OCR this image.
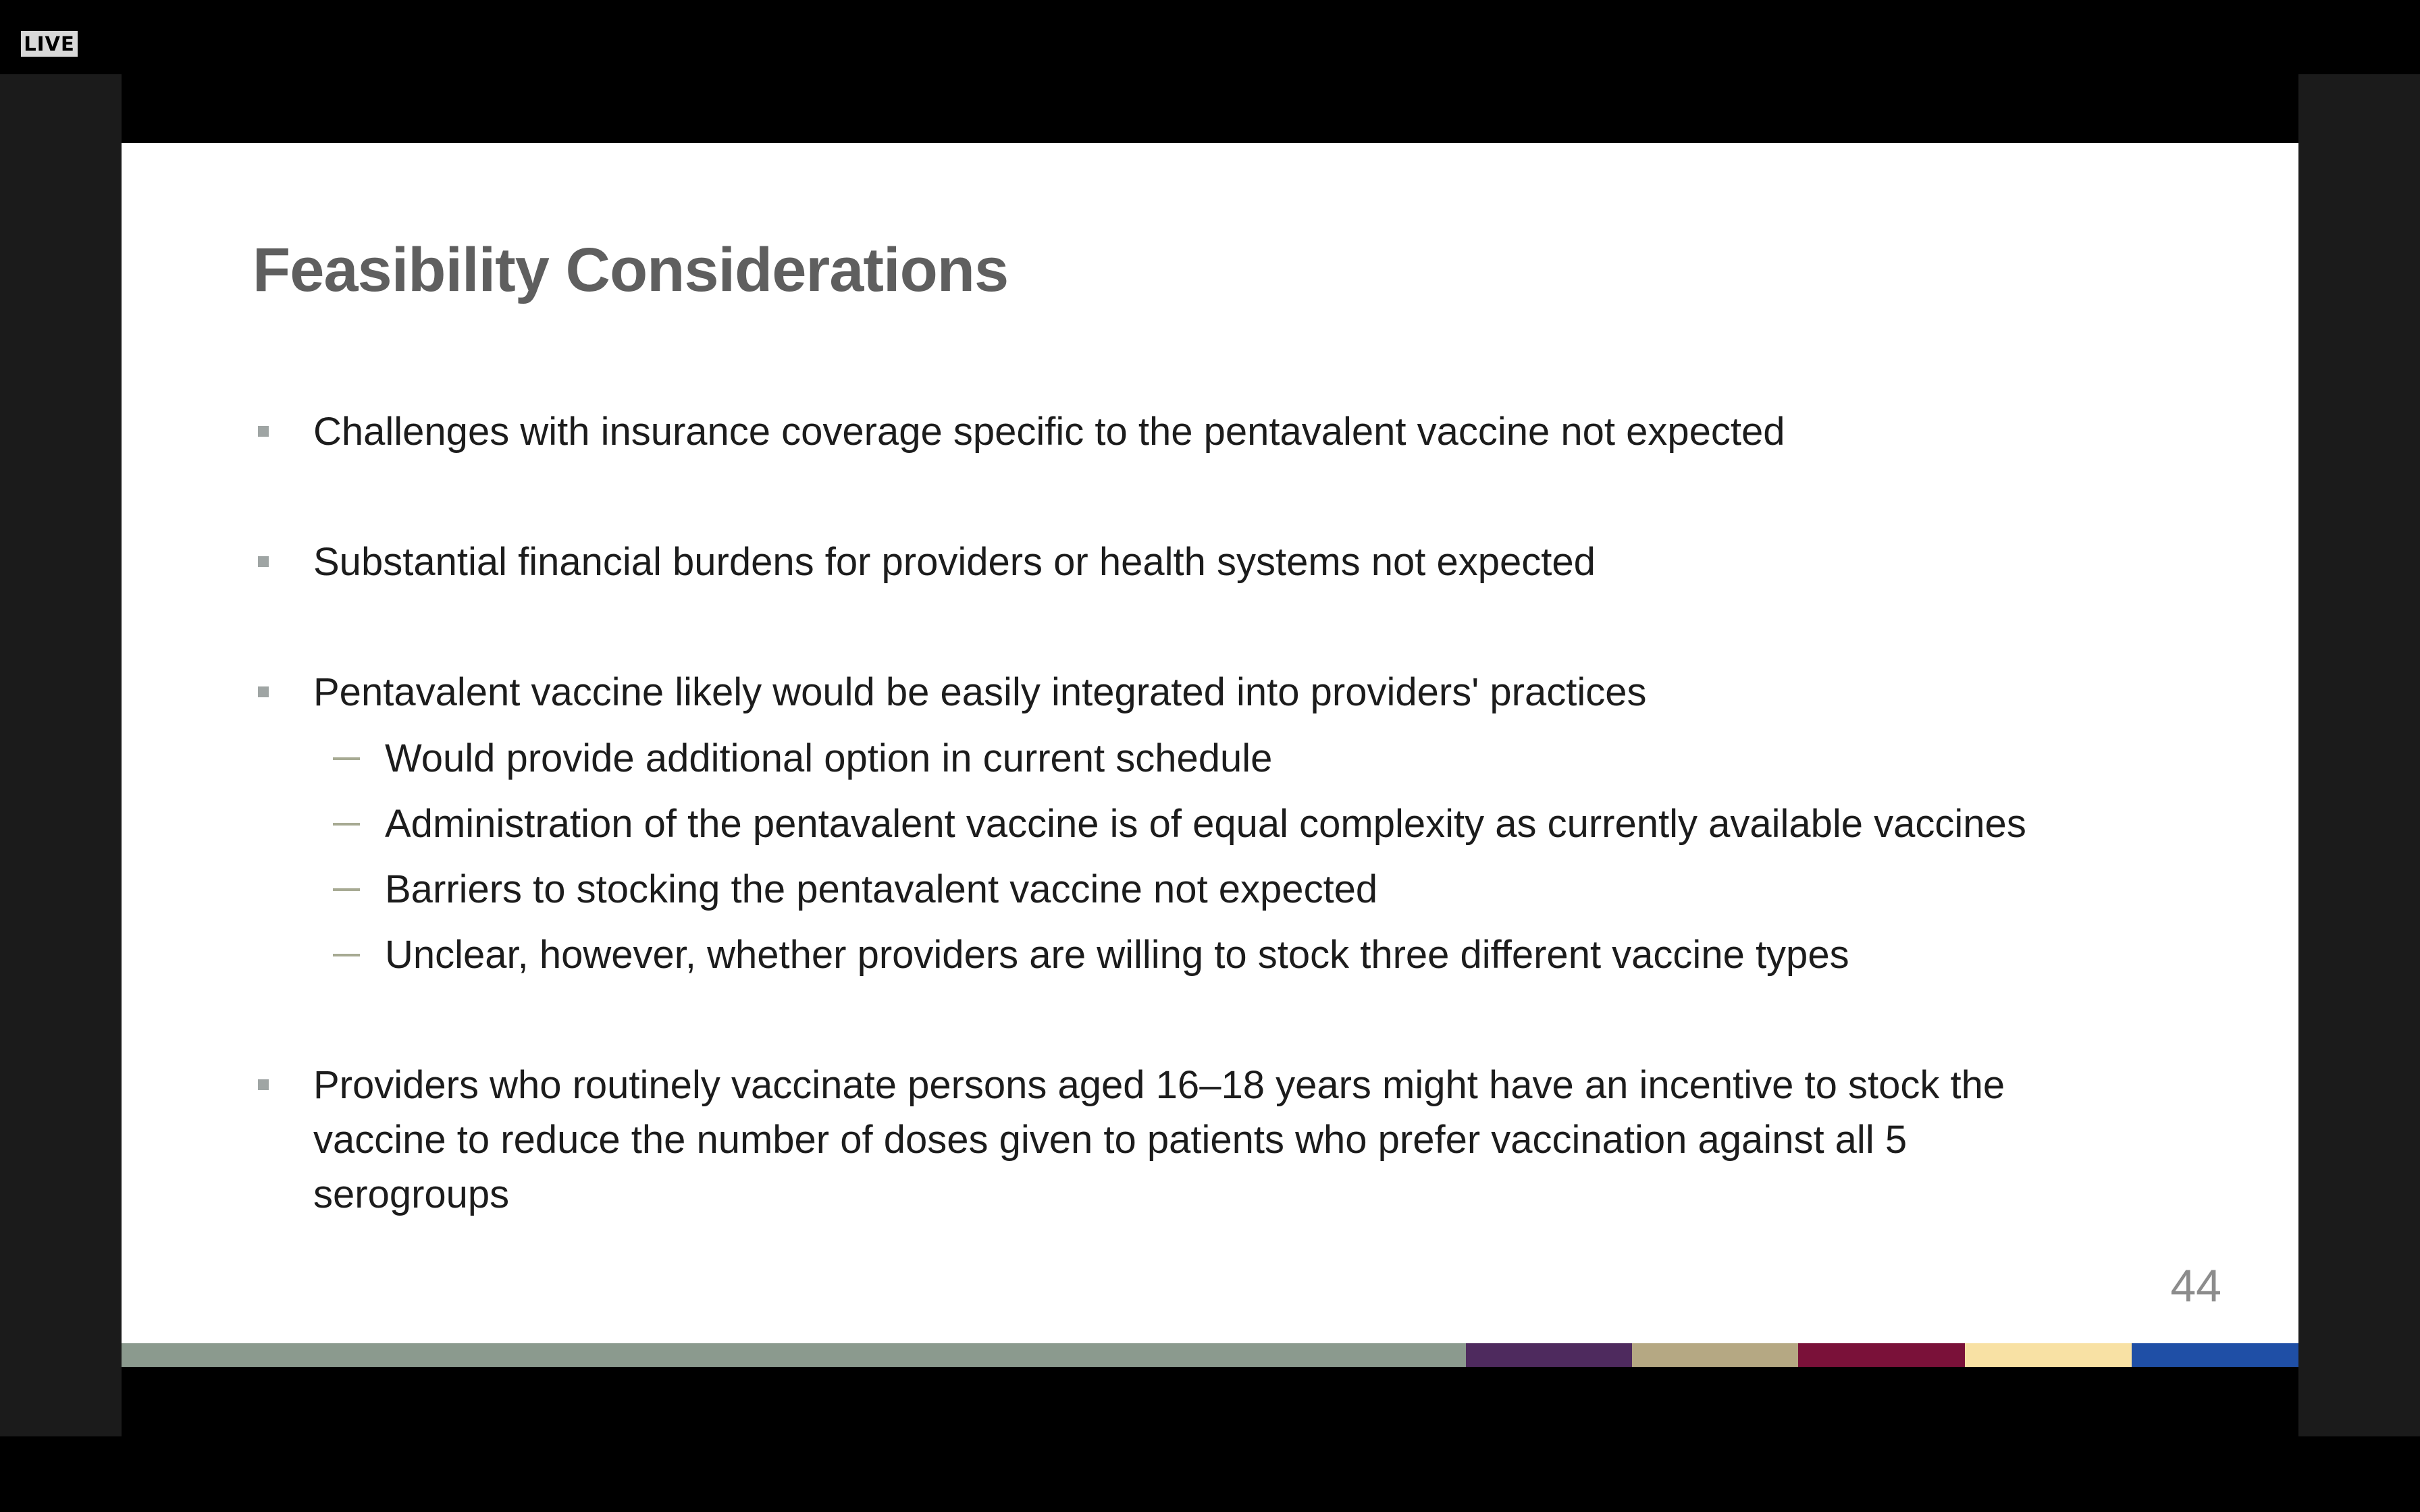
LIVE
Feasibility Considerations
Challenges with insurance coverage specific to the pentavalent vaccine not expected
Substantial financial burdens for providers or health systems not expected
Pentavalent vaccine likely would be easily integrated into providers' practices
Would provide additional option in current schedule
Administration of the pentavalent vaccine is of equal complexity as currently available vaccines
Barriers to stocking the pentavalent vaccine not expected
Unclear, however, whether providers are willing to stock three different vaccine types
Providers who routinely vaccinate persons aged 16–18 years might have an incentive to stock the
vaccine to reduce the number of doses given to patients who prefer vaccination against all 5
serogroups
44
